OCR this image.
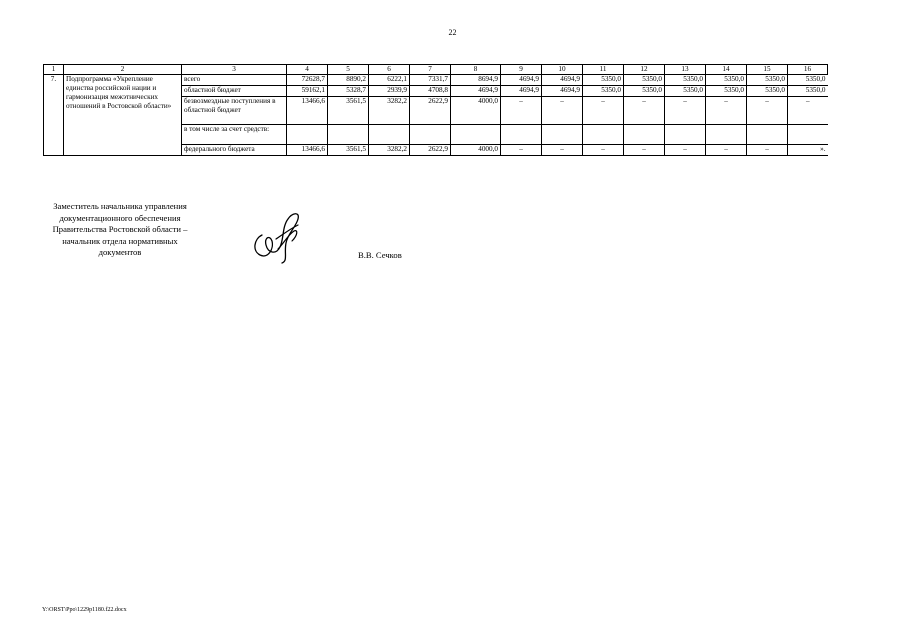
22
1	2	3	4	5	6	7	8	9	10	11	12	13	14	15	16
7.	Подпрограмма «Укрепление единства российской нации и гармонизация межэтнических отношений в Ростовской области»	всего	72628,7	8890,2	6222,1	7331,7	8694,9	4694,9	4694,9	5350,0	5350,0	5350,0	5350,0	5350,0	5350,0
		областной бюджет	59162,1	5328,7	2939,9	4708,8	4694,9	4694,9	4694,9	5350,0	5350,0	5350,0	5350,0	5350,0	5350,0
		безвозмездные поступления в областной бюджет	13466,6	3561,5	3282,2	2622,9	4000,0	–	–	–	–	–	–	–	–
		в том числе за счет средств:													
		федерального бюджета	13466,6	3561,5	3282,2	2622,9	4000,0	–	–	–	–	–	–	–	».
Заместитель начальника управления документационного обеспечения Правительства Ростовской области – начальник отдела нормативных документов	В.В. Сечков
Y:\ORST\Ppo\1229p1180.f22.docx
